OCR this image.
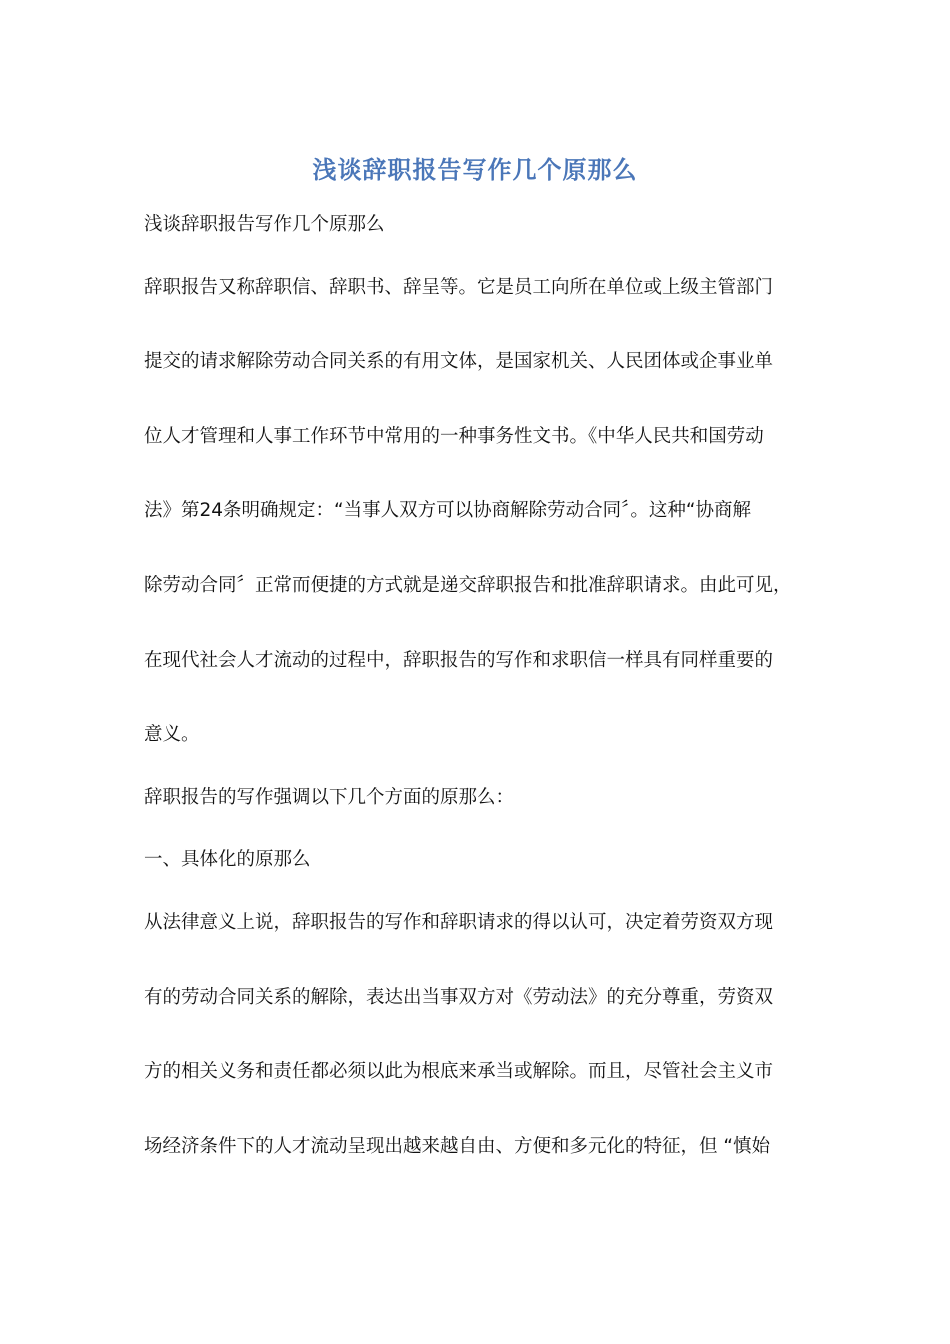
浅谈辞职报告写作几个原那么
浅谈辞职报告写作几个原那么
辞职报告又称辞职信、辞职书、辞呈等。它是员工向所在单位或上级主管部门
提交的请求解除劳动合同关系的有用文体，是国家机关、人民团体或企事业单
位人才管理和人事工作环节中常用的一种事务性文书。《中华人民共和国劳动
法》第24条明确规定：“当事人双方可以协商解除劳动合同〞。这种“协商解
除劳动合同〞正常而便捷的方式就是递交辞职报告和批准辞职请求。由此可见，
在现代社会人才流动的过程中，辞职报告的写作和求职信一样具有同样重要的
意义。
辞职报告的写作强调以下几个方面的原那么：
一、具体化的原那么
从法律意义上说，辞职报告的写作和辞职请求的得以认可，决定着劳资双方现
有的劳动合同关系的解除，表达出当事双方对《劳动法》的充分尊重，劳资双
方的相关义务和责任都必须以此为根底来承当或解除。而且，尽管社会主义市
场经济条件下的人才流动呈现出越来越自由、方便和多元化的特征，但 “慎始
